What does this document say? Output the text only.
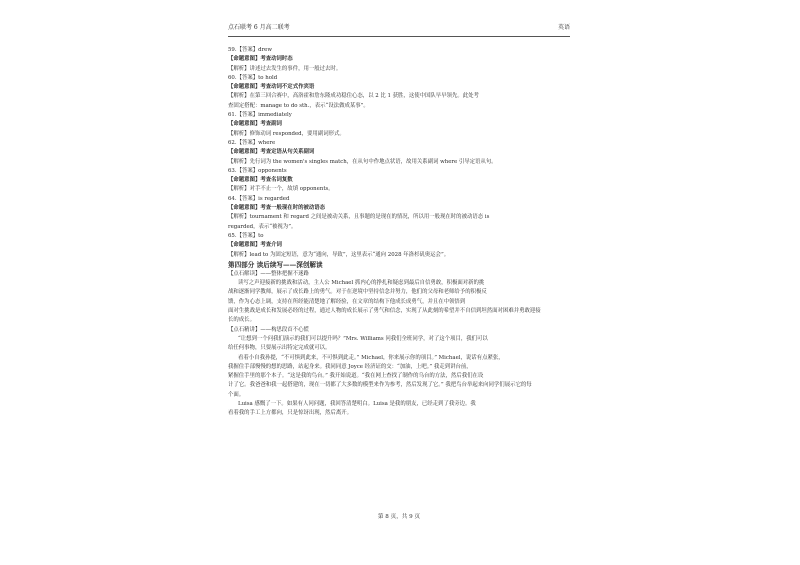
点石联考 6 月高二联考	英语
59.【答案】drew
【命题意图】考查动词时态
【解析】讲述过去发生的事件，用一般过去时。
60.【答案】to hold
【命题意图】考查动词不定式作宾语
【解析】在第三回合赛中，高洛霍和詹东隆成功稳住心态，以 2 比 1 获胜，这使中国队早早领先。此处考
查固定搭配：manage to do sth.，表示“设法做成某事”。
61.【答案】immediately
【命题意图】考查副词
【解析】修饰动词 responded，要用副词形式。
62.【答案】where
【命题意图】考查定语从句关系副词
【解析】先行词为 the women's singles match，在从句中作地点状语，故用关系副词 where 引导定语从句。
63.【答案】opponents
【命题意图】考查名词复数
【解析】对手不止一个，故填 opponents。
64.【答案】is regarded
【命题意图】考查一般现在时的被动语态
【解析】tournament 和 regard 之间是被动关系，且事题的是现在的情况，所以用一般现在时的被动语态 is
regarded，表示“被视为”。
65.【答案】to
【命题意图】考查介词
【解析】lead to 为固定短语，意为“通向，导致”，这里表示“通向 2028 年洛杉矶奥运会”。
第四部分 读后续写——深创解读
【点石解读】——整体把握不迷路
读写之声迎接新的挑战和活动，主人公 Michael 抓内心的挣扎和疑虑到最后自信勇敢，积极面对新的挑
战和逐渐同学教师，展示了成长路上的勇气。对于在逆境中坚持信念并努力，他们的父母和老师给予的积极反
馈，作为心态上调，支持在所经能清楚地了解经验，在文章的结构下他成长成勇气，并且在中领悟到
面对生挑战是成长和发展必经的过程，通过人物的成长展示了勇气和信念，实现了从此刻的希望并不自信到坦然面对困难并勇敢迎接
长的成长。
【点石精讲】——构思段首不心慌
“让想到一个问我们演示的我们可以提升吗？”Mrs. Williams 问我们全班同学，对了这个项目，我们可以
给任何事物，只要展示出特定完成就可以。
看着小自我孙提，“不可惧到此来，不可惧到此走。” Michael，你来展示你的项目。” Michael，说话有点紧张，
我握住手部慢慢的想的思路，站起身来。我同同意 Joyce 经济证的交：“加油，上吧。” 我走到讲台前，
紧握住手里的那个本子。“这是我的鸟台。” 我开始说道。“我在网上查找了制作的乌台的方法，然后我们在设
计了它。我爸爸和我一起搭建的，现在一切都了大多数的模型来作为参考，然后发现了它。” 我把鸟台举起来向同学们展示它的每
个面。
Luisa 感慨了一下。如果有人问问题，我回答清楚明白。Luisa 是我的朋友，已经走到了我旁边。我
看着我的手工上方都向，只是惊讶出现，然后离开。
第 8 页，共 9 页
